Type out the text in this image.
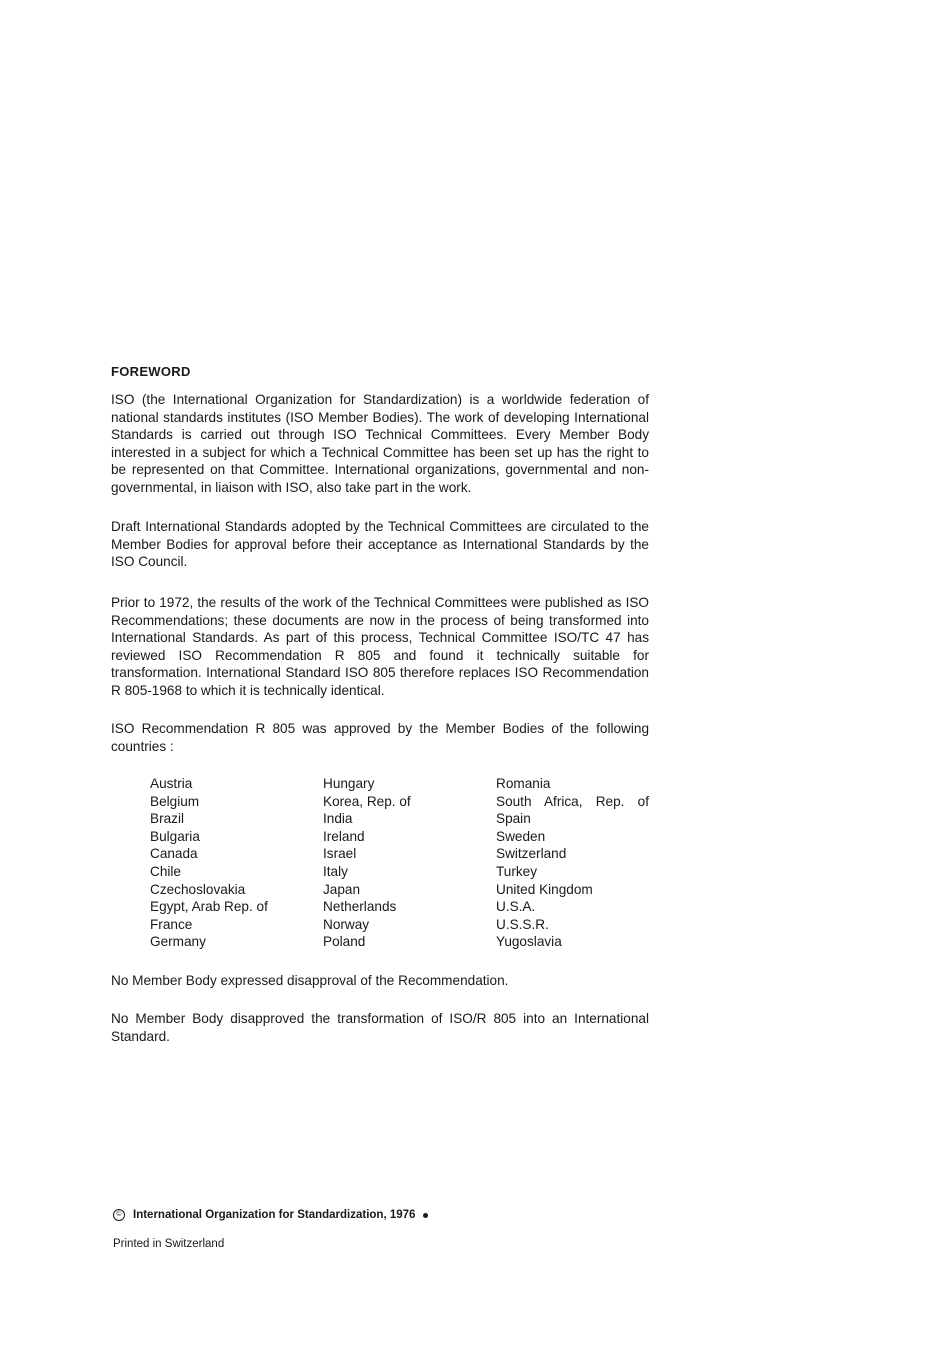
FOREWORD

ISO (the International Organization for Standardization) is a worldwide federation of national standards institutes (ISO Member Bodies). The work of developing International Standards is carried out through ISO Technical Committees. Every Member Body interested in a subject for which a Technical Committee has been set up has the right to be represented on that Committee. International organizations, governmental and non-governmental, in liaison with ISO, also take part in the work.

Draft International Standards adopted by the Technical Committees are circulated to the Member Bodies for approval before their acceptance as International Standards by the ISO Council.

Prior to 1972, the results of the work of the Technical Committees were published as ISO Recommendations; these documents are now in the process of being transformed into International Standards. As part of this process, Technical Committee ISO/TC 47 has reviewed ISO Recommendation R 805 and found it technically suitable for transformation. International Standard ISO 805 therefore replaces ISO Recommendation R 805-1968 to which it is technically identical.

ISO Recommendation R 805 was approved by the Member Bodies of the following countries :

Austria
Belgium
Brazil
Bulgaria
Canada
Chile
Czechoslovakia
Egypt, Arab Rep. of
France
Germany
Hungary
Korea, Rep. of
India
Ireland
Israel
Italy
Japan
Netherlands
Norway
Poland
Romania
South Africa, Rep. of
Spain
Sweden
Switzerland
Turkey
United Kingdom
U.S.A.
U.S.S.R.
Yugoslavia

No Member Body expressed disapproval of the Recommendation.

No Member Body disapproved the transformation of ISO/R 805 into an International Standard.

© International Organization for Standardization, 1976
Printed in Switzerland
